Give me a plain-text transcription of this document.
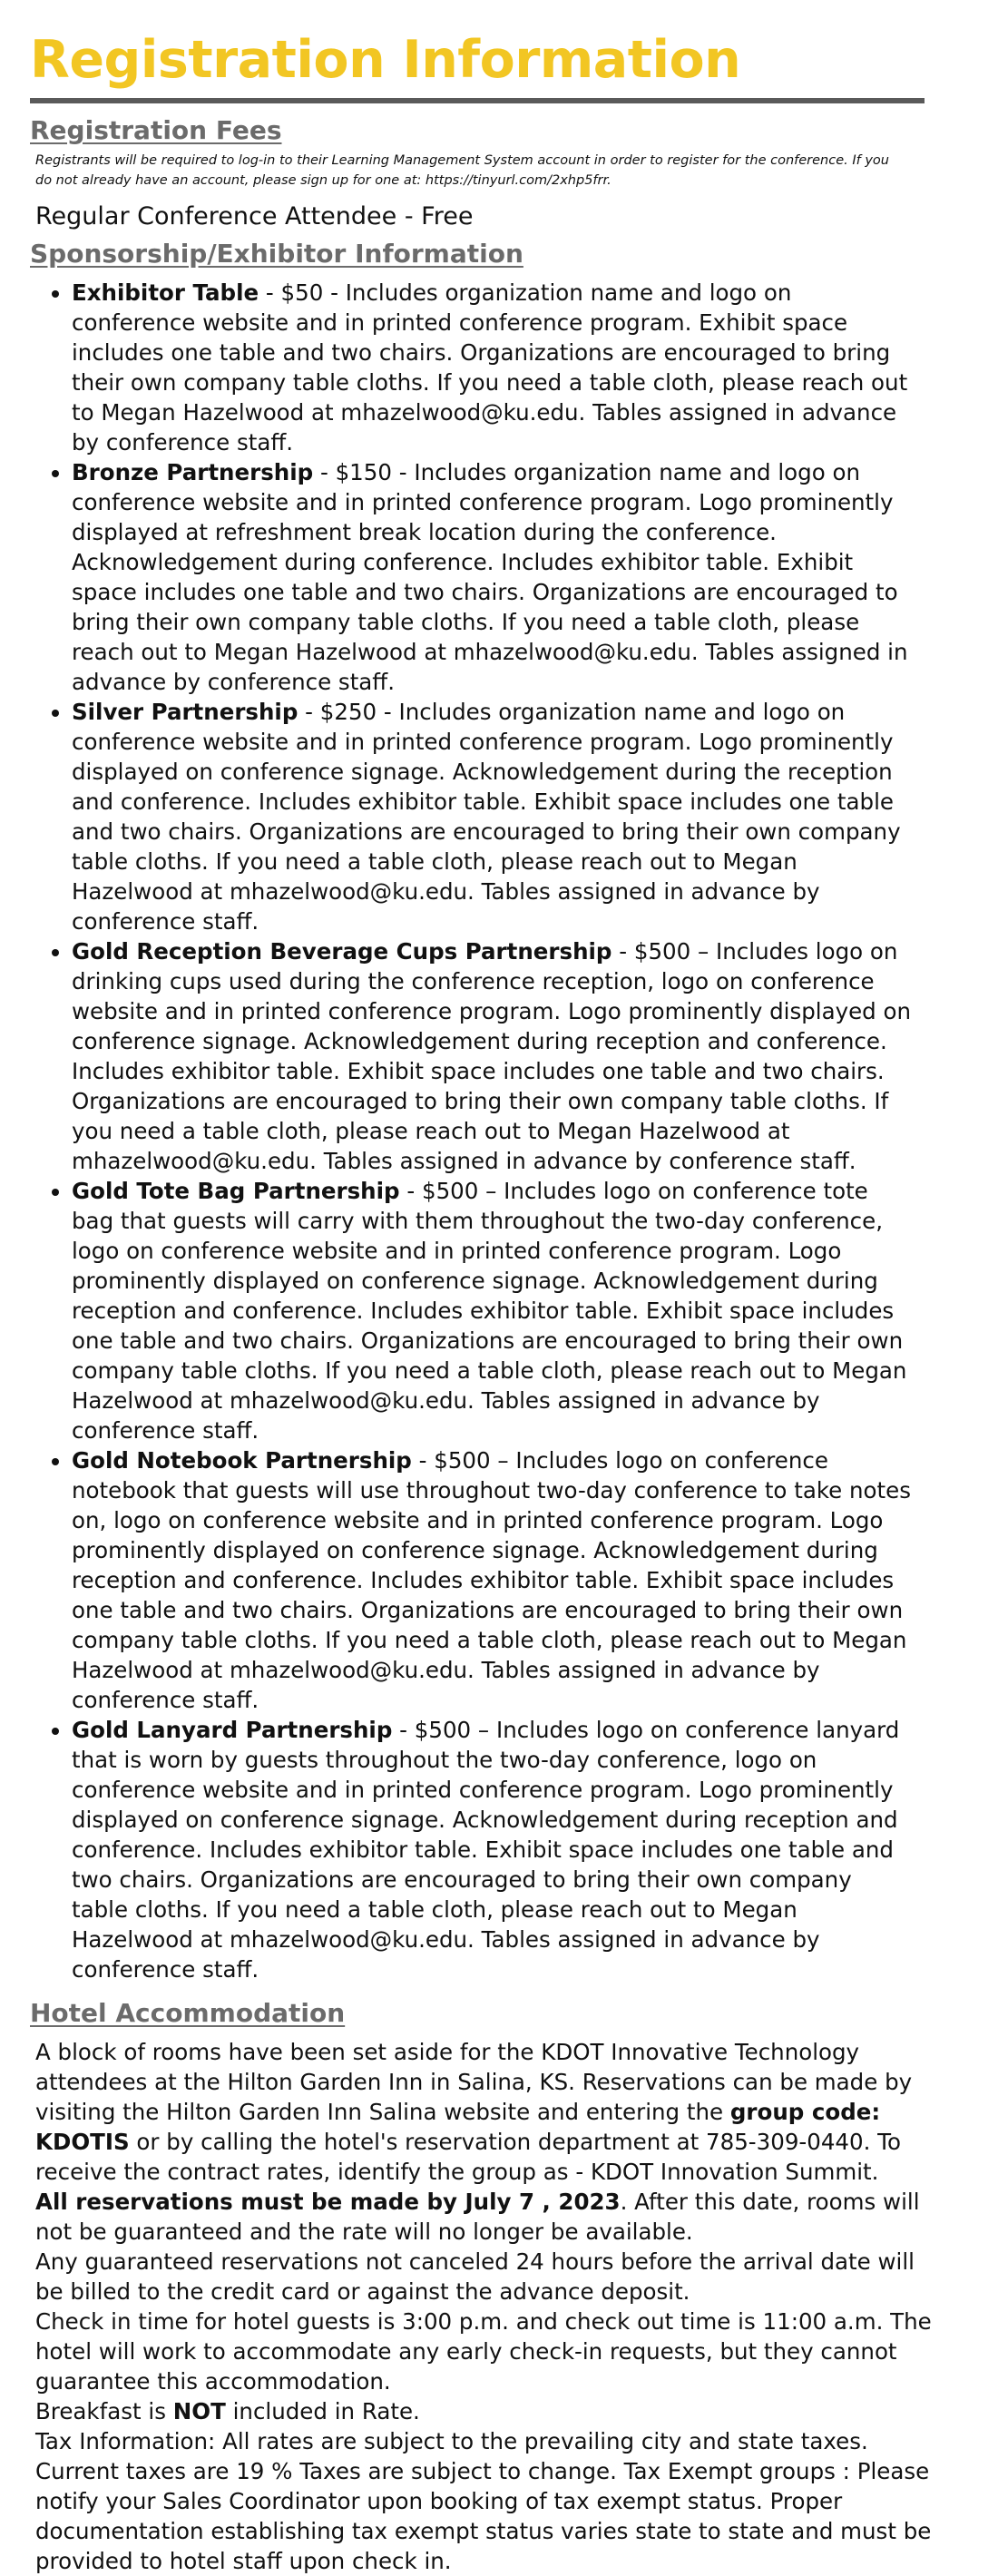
Registration Information
Registration Fees

Registrants will be required to log-in to their Learning Management System account in order to register for the conference. If you do not already have an account, please sign up for one at: https://tinyurl.com/2xhp5frr.

Regular Conference Attendee - Free

Sponsorship/Exhibitor Information
• Exhibitor Table - $50 - Includes organization name and logo on conference website and in printed conference program. Exhibit space includes one table and two chairs. Organizations are encouraged to bring their own company table cloths. If you need a table cloth, please reach out to Megan Hazelwood at mhazelwood@ku.edu. Tables assigned in advance by conference staff.
• Bronze Partnership - $150 - Includes organization name and logo on conference website and in printed conference program. Logo prominently displayed at refreshment break location during the conference. Acknowledgement during conference. Includes exhibitor table. Exhibit space includes one table and two chairs. Organizations are encouraged to bring their own company table cloths. If you need a table cloth, please reach out to Megan Hazelwood at mhazelwood@ku.edu. Tables assigned in advance by conference staff.
• Silver Partnership - $250 - Includes organization name and logo on conference website and in printed conference program. Logo prominently displayed on conference signage. Acknowledgement during the reception and conference. Includes exhibitor table. Exhibit space includes one table and two chairs. Organizations are encouraged to bring their own company table cloths. If you need a table cloth, please reach out to Megan Hazelwood at mhazelwood@ku.edu. Tables assigned in advance by conference staff.
• Gold Reception Beverage Cups Partnership - $500 – Includes logo on drinking cups used during the conference reception, logo on conference website and in printed conference program. Logo prominently displayed on conference signage. Acknowledgement during reception and conference. Includes exhibitor table. Exhibit space includes one table and two chairs. Organizations are encouraged to bring their own company table cloths. If you need a table cloth, please reach out to Megan Hazelwood at mhazelwood@ku.edu. Tables assigned in advance by conference staff.
• Gold Tote Bag Partnership - $500 – Includes logo on conference tote bag that guests will carry with them throughout the two-day conference, logo on conference website and in printed conference program. Logo prominently displayed on conference signage. Acknowledgement during reception and conference. Includes exhibitor table. Exhibit space includes one table and two chairs. Organizations are encouraged to bring their own company table cloths. If you need a table cloth, please reach out to Megan Hazelwood at mhazelwood@ku.edu. Tables assigned in advance by conference staff.
• Gold Notebook Partnership - $500 – Includes logo on conference notebook that guests will use throughout two-day conference to take notes on, logo on conference website and in printed conference program. Logo prominently displayed on conference signage. Acknowledgement during reception and conference. Includes exhibitor table. Exhibit space includes one table and two chairs. Organizations are encouraged to bring their own company table cloths. If you need a table cloth, please reach out to Megan Hazelwood at mhazelwood@ku.edu. Tables assigned in advance by conference staff.
• Gold Lanyard Partnership - $500 – Includes logo on conference lanyard that is worn by guests throughout the two-day conference, logo on conference website and in printed conference program. Logo prominently displayed on conference signage. Acknowledgement during reception and conference. Includes exhibitor table. Exhibit space includes one table and two chairs. Organizations are encouraged to bring their own company table cloths. If you need a table cloth, please reach out to Megan Hazelwood at mhazelwood@ku.edu. Tables assigned in advance by conference staff.
Hotel Accommodation

A block of rooms have been set aside for the KDOT Innovative Technology attendees at the Hilton Garden Inn in Salina, KS. Reservations can be made by visiting the Hilton Garden Inn Salina website and entering the group code: KDOTIS or by calling the hotel's reservation department at 785-309-0440. To receive the contract rates, identify the group as - KDOT Innovation Summit.

All reservations must be made by July 7 , 2023. After this date, rooms will not be guaranteed and the rate will no longer be available.

Any guaranteed reservations not canceled 24 hours before the arrival date will be billed to the credit card or against the advance deposit.

Check in time for hotel guests is 3:00 p.m. and check out time is 11:00 a.m. The hotel will work to accommodate any early check-in requests, but they cannot guarantee this accommodation.

Breakfast is NOT included in Rate.

Tax Information: All rates are subject to the prevailing city and state taxes. Current taxes are 19 % Taxes are subject to change. Tax Exempt groups : Please notify your Sales Coordinator upon booking of tax exempt status. Proper documentation establishing tax exempt status varies state to state and must be provided to hotel staff upon check in.
